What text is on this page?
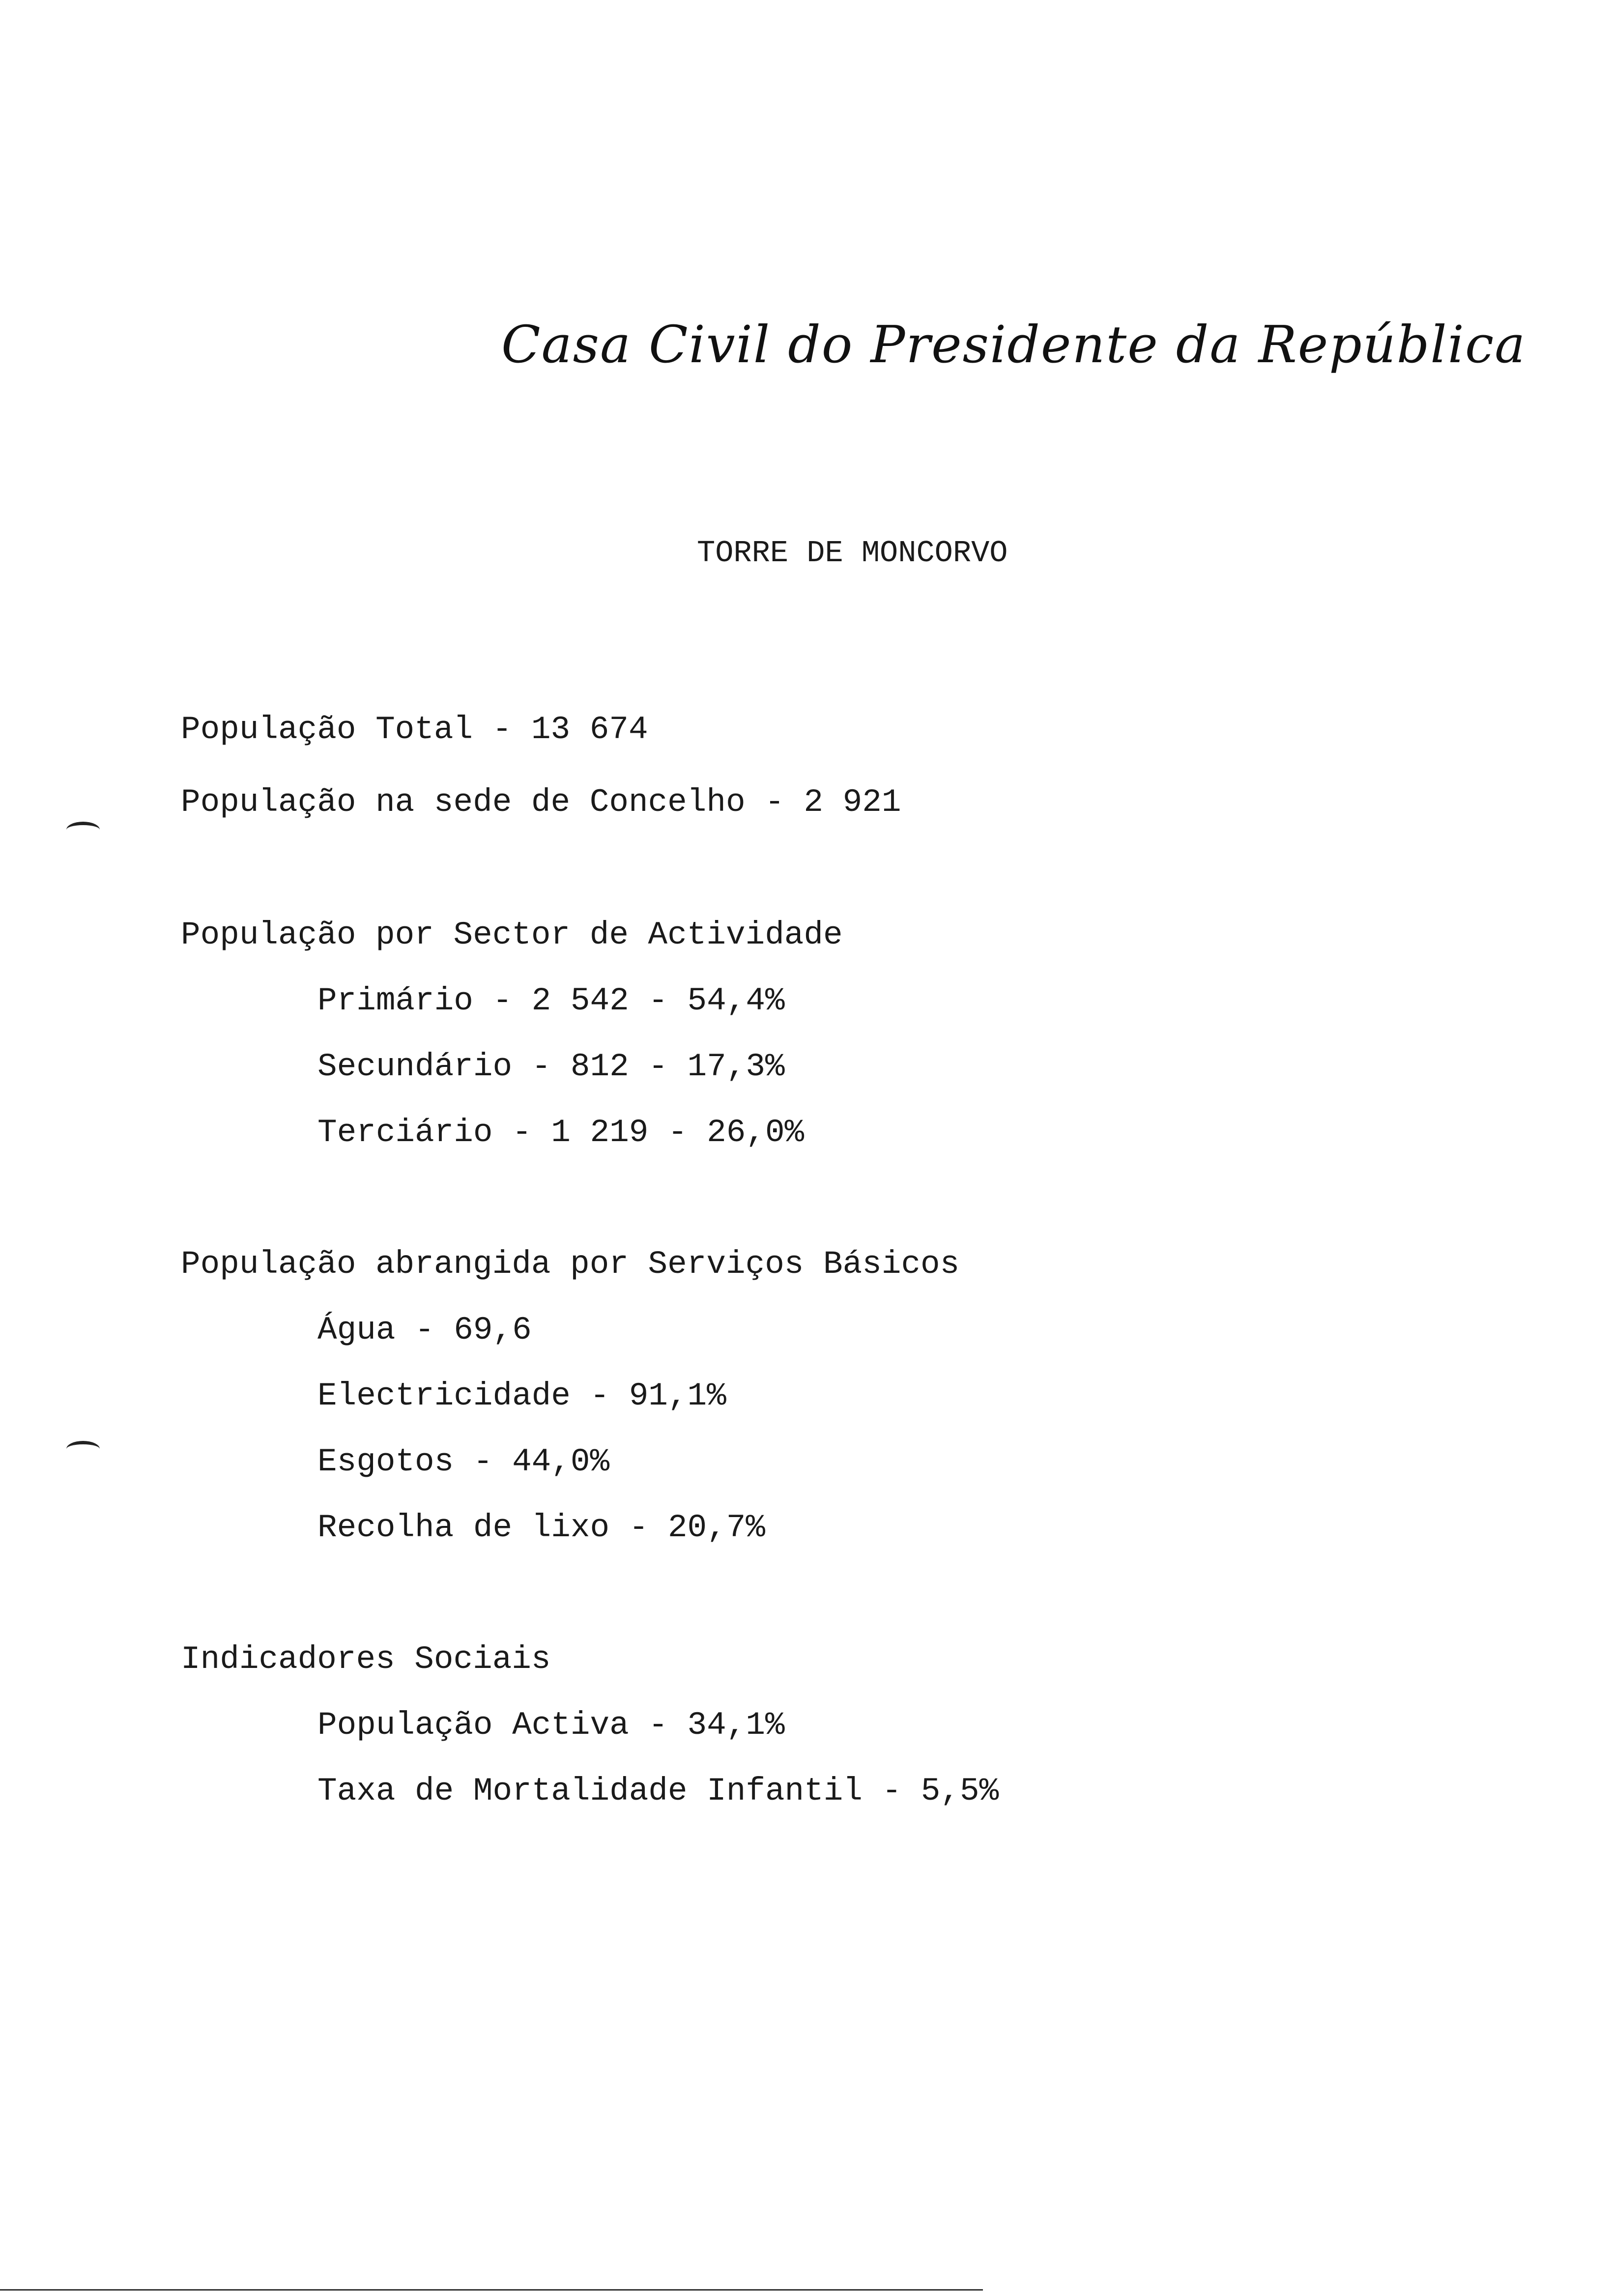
Casa Civil do Presidente da República
TORRE DE MONCORVO
População Total - 13 674
População na sede de Concelho - 2 921
População por Sector de Actividade
Primário - 2 542 - 54,4%
Secundário - 812 - 17,3%
Terciário - 1 219 - 26,0%
População abrangida por Serviços Básicos
Água - 69,6
Electricidade - 91,1%
Esgotos - 44,0%
Recolha de lixo - 20,7%
Indicadores Sociais
População Activa - 34,1%
Taxa de Mortalidade Infantil - 5,5%
